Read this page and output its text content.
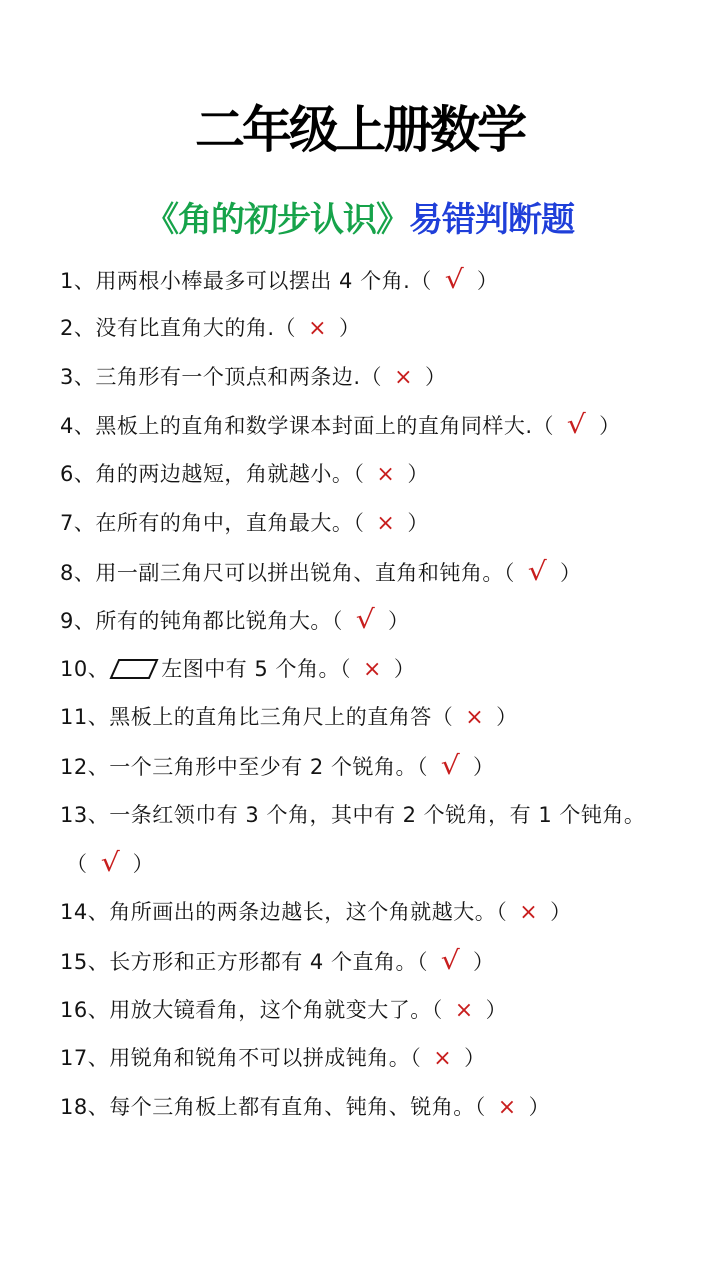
二年级上册数学
《角的初步认识》易错判断题
1、用两根小棒最多可以摆出 4 个角.（ √ ）
2、没有比直角大的角.（ × ）
3、三角形有一个顶点和两条边.（ × ）
4、黑板上的直角和数学课本封面上的直角同样大.（ √ ）
6、角的两边越短，角就越小。（ × ）
7、在所有的角中，直角最大。（ × ）
8、用一副三角尺可以拼出锐角、直角和钝角。（ √ ）
9、所有的钝角都比锐角大。（ √ ）
10、 左图中有 5 个角。（ × ）
11、黑板上的直角比三角尺上的直角答（ × ）
12、一个三角形中至少有 2 个锐角。（ √ ）
13、一条红领巾有 3 个角，其中有 2 个锐角，有 1 个钝角。
（ √ ）
14、角所画出的两条边越长，这个角就越大。（ × ）
15、长方形和正方形都有 4 个直角。（ √ ）
16、用放大镜看角，这个角就变大了。（ × ）
17、用锐角和锐角不可以拼成钝角。（ × ）
18、每个三角板上都有直角、钝角、锐角。（ × ）
